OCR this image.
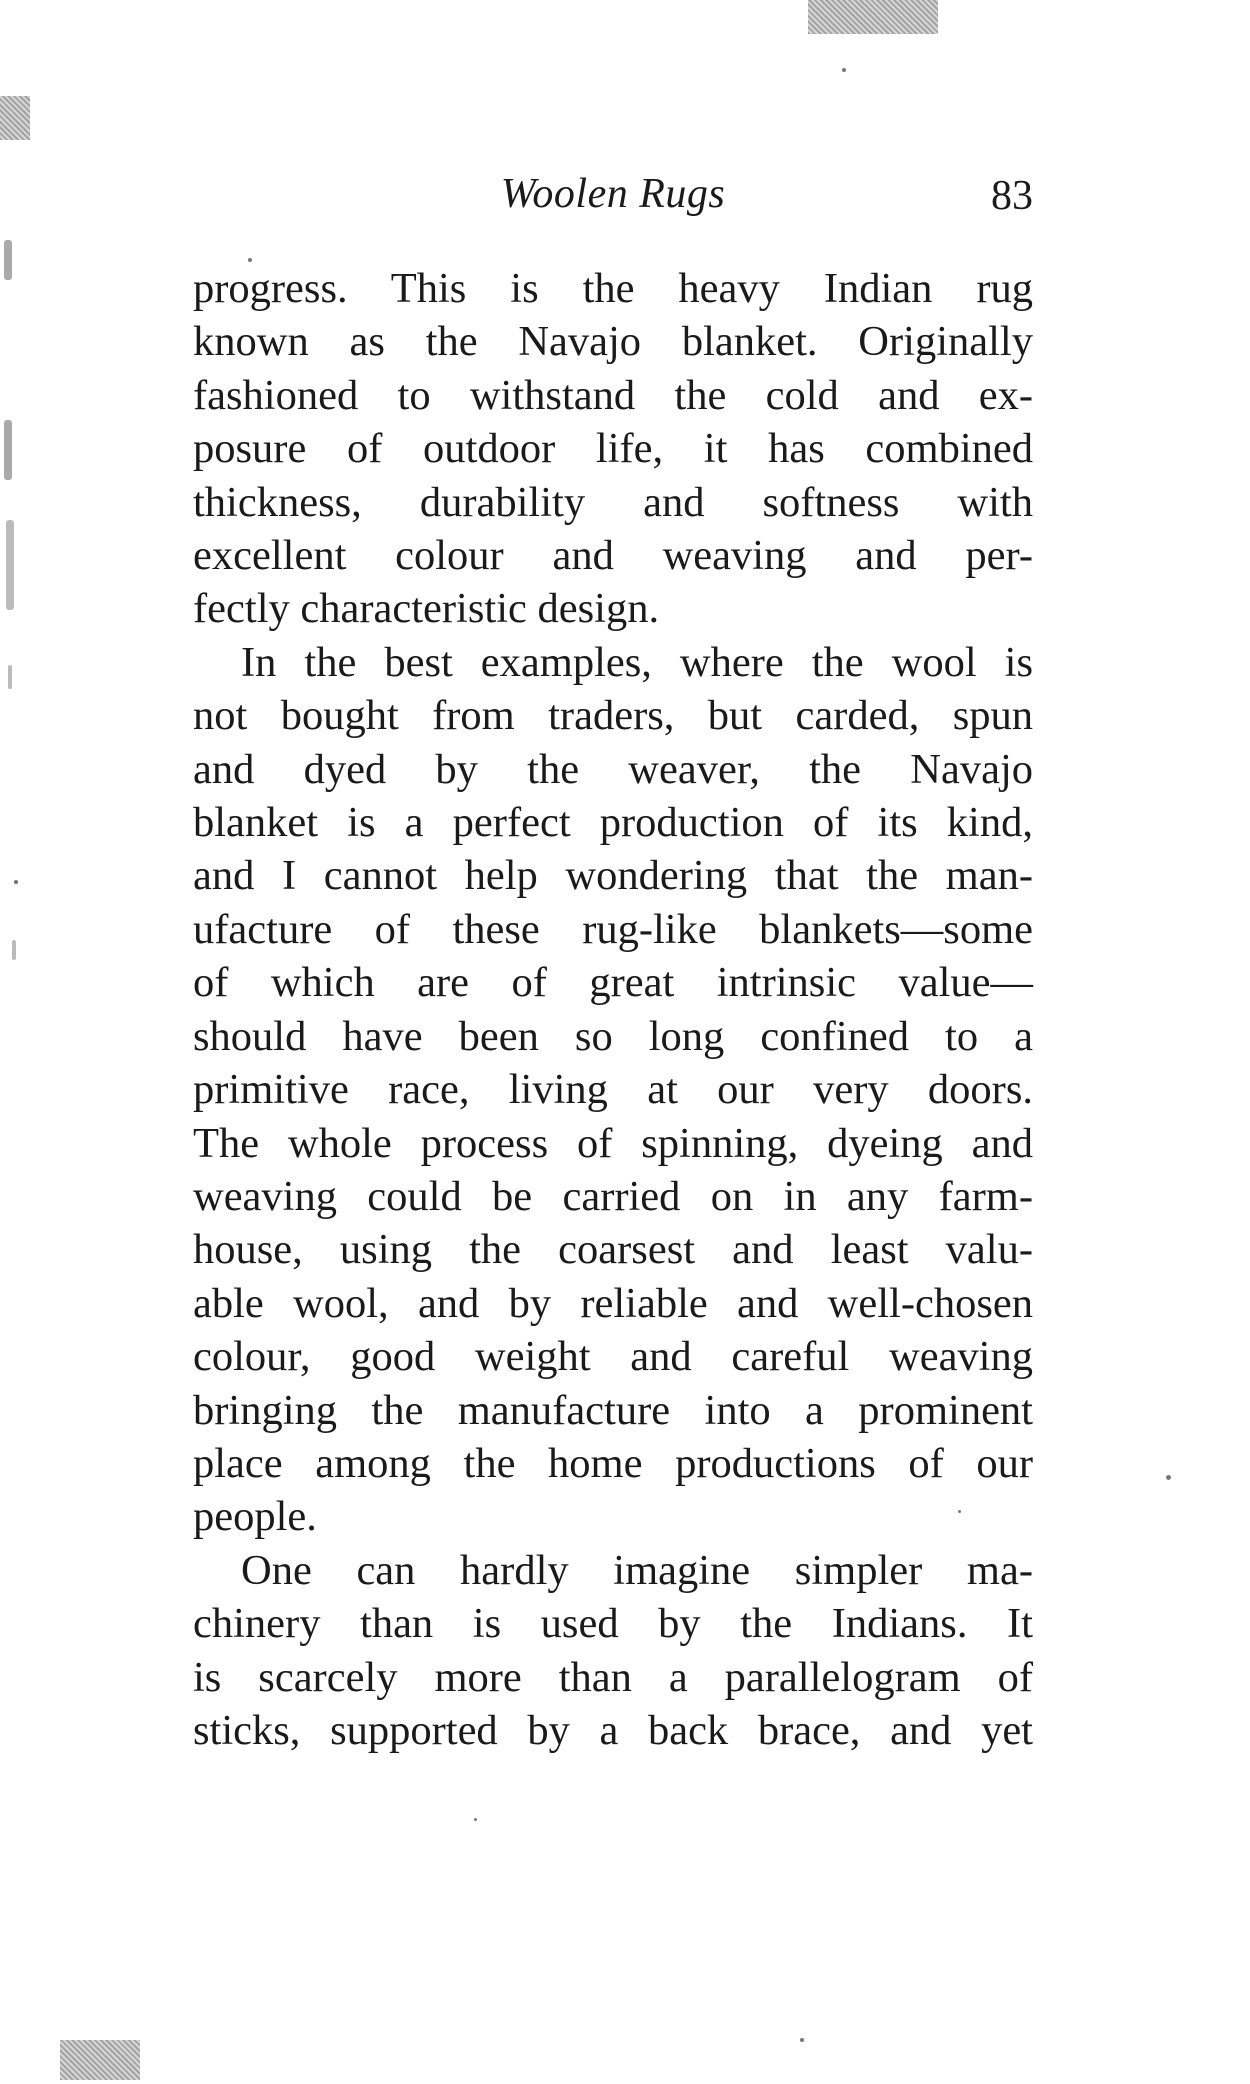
Woolen Rugs	83
progress. This is the heavy Indian rug
known as the Navajo blanket. Originally
fashioned to withstand the cold and ex-
posure of outdoor life, it has combined
thickness, durability and softness with
excellent colour and weaving and per-
fectly characteristic design.
In the best examples, where the wool is
not bought from traders, but carded, spun
and dyed by the weaver, the Navajo
blanket is a perfect production of its kind,
and I cannot help wondering that the man-
ufacture of these rug-like blankets—some
of which are of great intrinsic value—
should have been so long confined to a
primitive race, living at our very doors.
The whole process of spinning, dyeing and
weaving could be carried on in any farm-
house, using the coarsest and least valu-
able wool, and by reliable and well-chosen
colour, good weight and careful weaving
bringing the manufacture into a prominent
place among the home productions of our
people.
One can hardly imagine simpler ma-
chinery than is used by the Indians. It
is scarcely more than a parallelogram of
sticks, supported by a back brace, and yet
